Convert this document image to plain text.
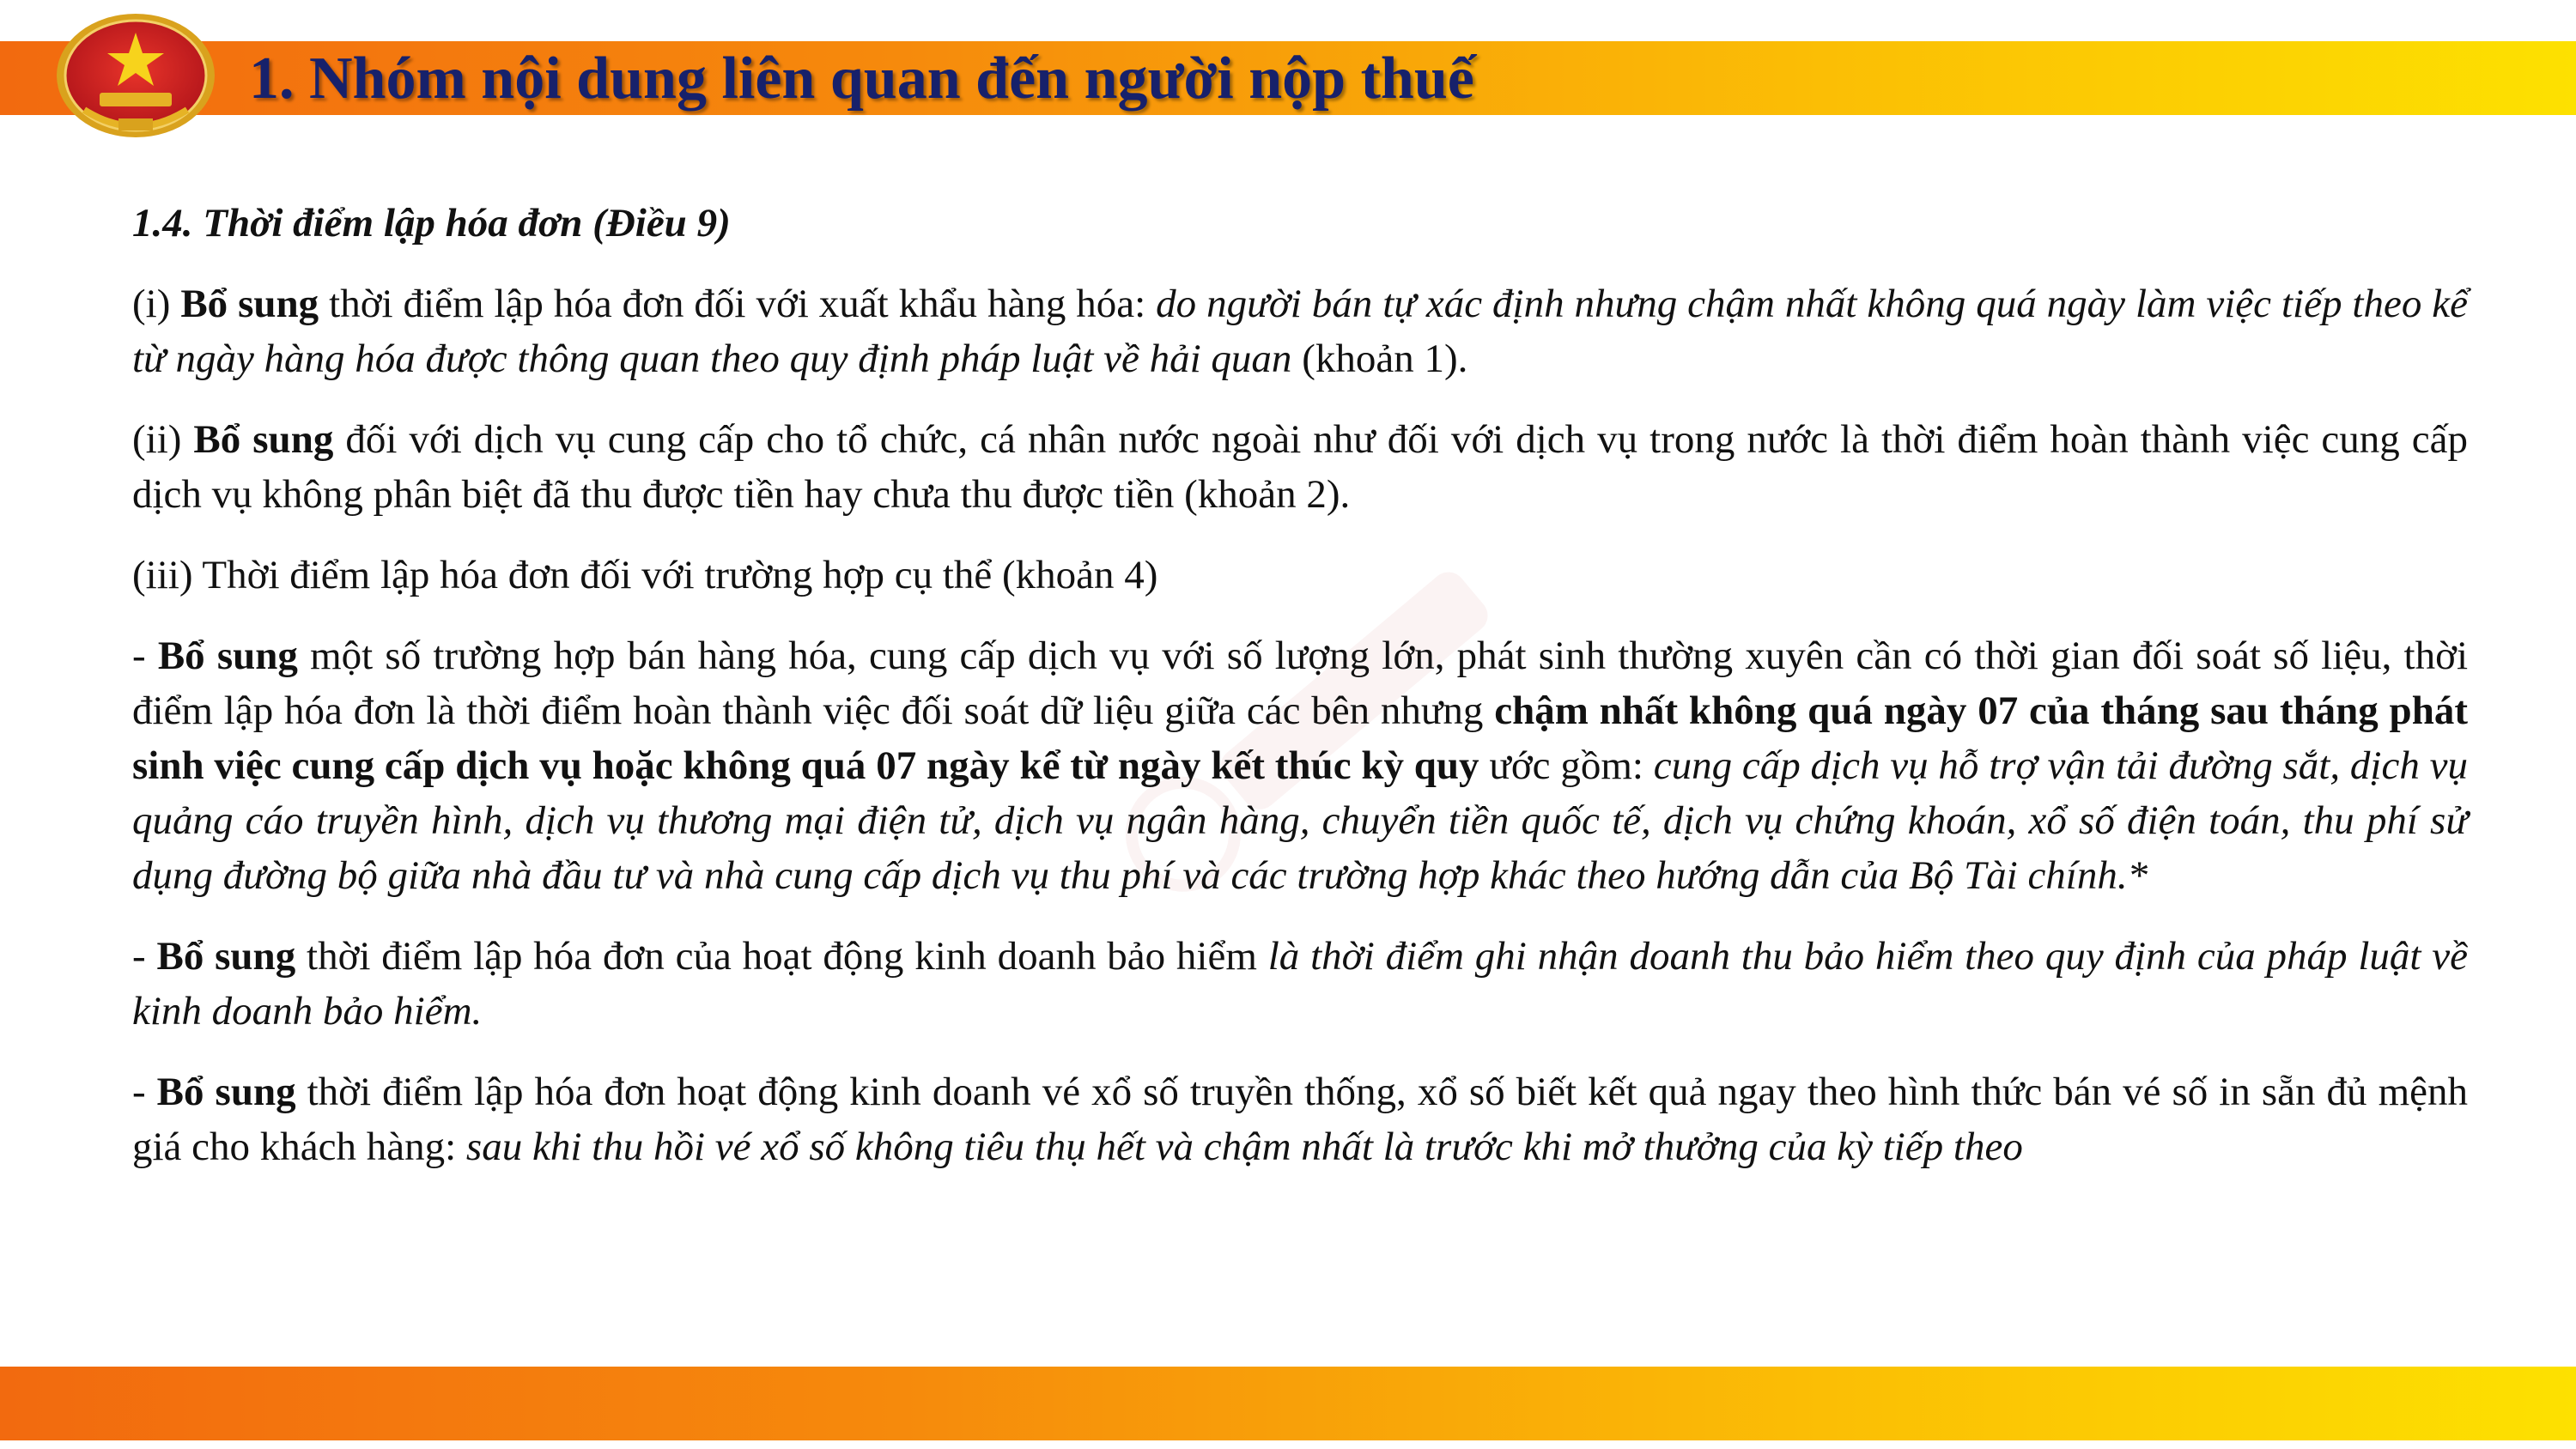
1. Nhóm nội dung liên quan đến người nộp thuế

1.4. Thời điểm lập hóa đơn (Điều 9)

(i) Bổ sung thời điểm lập hóa đơn đối với xuất khẩu hàng hóa: do người bán tự xác định nhưng chậm nhất không quá ngày làm việc tiếp theo kể từ ngày hàng hóa được thông quan theo quy định pháp luật về hải quan (khoản 1).

(ii) Bổ sung đối với dịch vụ cung cấp cho tổ chức, cá nhân nước ngoài như đối với dịch vụ trong nước là thời điểm hoàn thành việc cung cấp dịch vụ không phân biệt đã thu được tiền hay chưa thu được tiền (khoản 2).

(iii) Thời điểm lập hóa đơn đối với trường hợp cụ thể (khoản 4)

- Bổ sung một số trường hợp bán hàng hóa, cung cấp dịch vụ với số lượng lớn, phát sinh thường xuyên cần có thời gian đối soát số liệu, thời điểm lập hóa đơn là thời điểm hoàn thành việc đối soát dữ liệu giữa các bên nhưng chậm nhất không quá ngày 07 của tháng sau tháng phát sinh việc cung cấp dịch vụ hoặc không quá 07 ngày kể từ ngày kết thúc kỳ quy ước gồm: cung cấp dịch vụ hỗ trợ vận tải đường sắt, dịch vụ quảng cáo truyền hình, dịch vụ thương mại điện tử, dịch vụ ngân hàng, chuyển tiền quốc tế, dịch vụ chứng khoán, xổ số điện toán, thu phí sử dụng đường bộ giữa nhà đầu tư và nhà cung cấp dịch vụ thu phí và các trường hợp khác theo hướng dẫn của Bộ Tài chính.*

- Bổ sung thời điểm lập hóa đơn của hoạt động kinh doanh bảo hiểm là thời điểm ghi nhận doanh thu bảo hiểm theo quy định của pháp luật về kinh doanh bảo hiểm.

- Bổ sung thời điểm lập hóa đơn hoạt động kinh doanh vé xổ số truyền thống, xổ số biết kết quả ngay theo hình thức bán vé số in sẵn đủ mệnh giá cho khách hàng: sau khi thu hồi vé xổ số không tiêu thụ hết và chậm nhất là trước khi mở thưởng của kỳ tiếp theo
